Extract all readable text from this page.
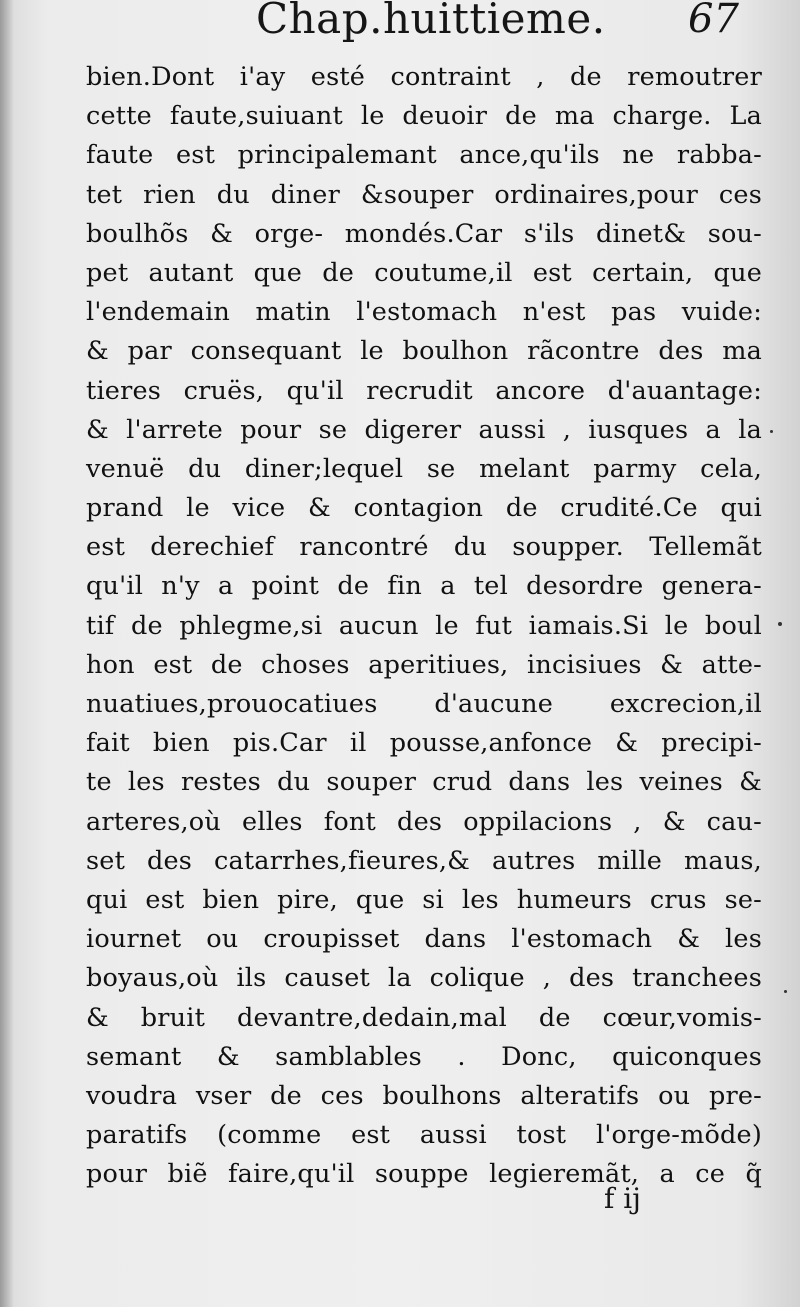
Chap.huittieme. 67
bien.Dont i'ay esté contraint , de remoutrer
cette faute,suiuant le deuoir de ma charge. La
faute est principalemant ance,qu'ils ne rabba-
tet rien du diner &souper ordinaires,pour ces
boulhõs & orge- mondés.Car s'ils dinet& sou-
pet autant que de coutume,il est certain, que
l'endemain matin l'estomach n'est pas vuide:
& par consequant le boulhon rãcontre des ma
tieres cruës, qu'il recrudit ancore d'auantage:
& l'arrete pour se digerer aussi , iusques a la
venuë du diner;lequel se melant parmy cela,
prand le vice & contagion de crudité.Ce qui
est derechief rancontré du soupper. Tellemãt
qu'il n'y a point de fin a tel desordre genera-
tif de phlegme,si aucun le fut iamais.Si le boul
hon est de choses aperitiues, incisiues & atte-
nuatiues,prouocatiues d'aucune excrecion,il
fait bien pis.Car il pousse,anfonce & precipi-
te les restes du souper crud dans les veines &
arteres,où elles font des oppilacions , & cau-
set des catarrhes,fieures,& autres mille maus,
qui est bien pire, que si les humeurs crus se-
iournet ou croupisset dans l'estomach & les
boyaus,où ils causet la colique , des tranchees
& bruit devantre,dedain,mal de cœur,vomis-
semant & samblables . Donc, quiconques
voudra vser de ces boulhons alteratifs ou pre-
paratifs (comme est aussi tost l'orge-mõde)
pour biẽ faire,qu'il souppe legieremãt, a ce q̃
f ij
